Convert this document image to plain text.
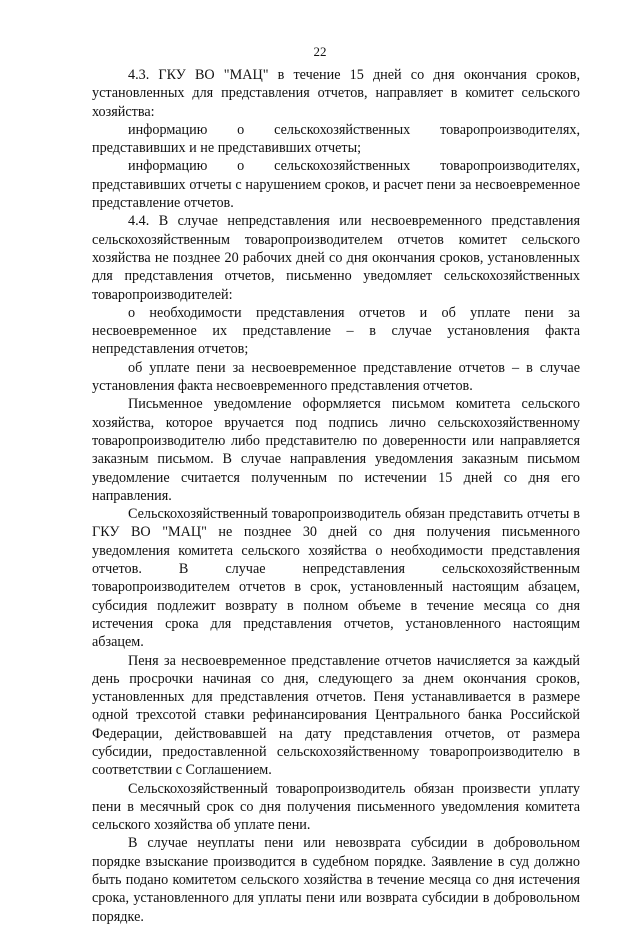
22

4.3. ГКУ ВО "МАЦ" в течение 15 дней со дня окончания сроков, установленных для представления отчетов, направляет в комитет сельского хозяйства:

информацию о сельскохозяйственных товаропроизводителях, представивших и не представивших отчеты;

информацию о сельскохозяйственных товаропроизводителях, представивших отчеты с нарушением сроков, и расчет пени за несвоевременное представление отчетов.

4.4. В случае непредставления или несвоевременного представления сельскохозяйственным товаропроизводителем отчетов комитет сельского хозяйства не позднее 20 рабочих дней со дня окончания сроков, установленных для представления отчетов, письменно уведомляет сельскохозяйственных товаропроизводителей:

о необходимости представления отчетов и об уплате пени за несвоевременное их представление – в случае установления факта непредставления отчетов;

об уплате пени за несвоевременное представление отчетов – в случае установления факта несвоевременного представления отчетов.

Письменное уведомление оформляется письмом комитета сельского хозяйства, которое вручается под подпись лично сельскохозяйственному товаропроизводителю либо представителю по доверенности или направляется заказным письмом. В случае направления уведомления заказным письмом уведомление считается полученным по истечении 15 дней со дня его направления.

Сельскохозяйственный товаропроизводитель обязан представить отчеты в ГКУ ВО "МАЦ" не позднее 30 дней со дня получения письменного уведомления комитета сельского хозяйства о необходимости представления отчетов. В случае непредставления сельскохозяйственным товаропроизводителем отчетов в срок, установленный настоящим абзацем, субсидия подлежит возврату в полном объеме в течение месяца со дня истечения срока для представления отчетов, установленного настоящим абзацем.

Пеня за несвоевременное представление отчетов начисляется за каждый день просрочки начиная со дня, следующего за днем окончания сроков, установленных для представления отчетов. Пеня устанавливается в размере одной трехсотой ставки рефинансирования Центрального банка Российской Федерации, действовавшей на дату представления отчетов, от размера субсидии, предоставленной сельскохозяйственному товаропроизводителю в соответствии с Соглашением.

Сельскохозяйственный товаропроизводитель обязан произвести уплату пени в месячный срок со дня получения письменного уведомления комитета сельского хозяйства об уплате пени.

В случае неуплаты пени или невозврата субсидии в добровольном порядке взыскание производится в судебном порядке. Заявление в суд должно быть подано комитетом сельского хозяйства в течение месяца со дня истечения срока, установленного для уплаты пени или возврата субсидии в добровольном порядке.
